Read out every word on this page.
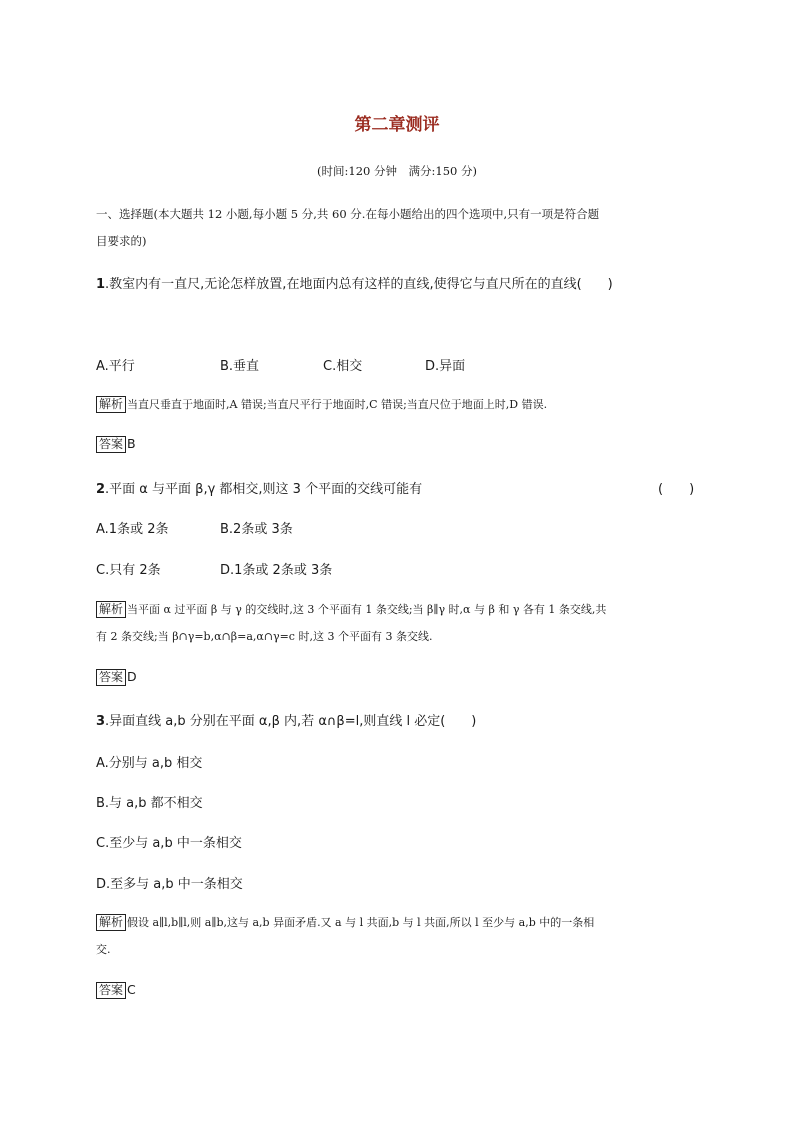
第二章测评
(时间:120 分钟　满分:150 分)
一、选择题(本大题共 12 小题,每小题 5 分,共 60 分.在每小题给出的四个选项中,只有一项是符合题
目要求的)
1.教室内有一直尺,无论怎样放置,在地面内总有这样的直线,使得它与直尺所在的直线(　　)
A.平行	B.垂直	C.相交	D.异面
解析 当直尺垂直于地面时,A 错误;当直尺平行于地面时,C 错误;当直尺位于地面上时,D 错误.
答案 B
2.平面 α 与平面 β,γ 都相交,则这 3 个平面的交线可能有	(　　)
A.1条或 2条	B.2条或 3条
C.只有 2条	D.1条或 2条或 3条
解析 当平面 α 过平面 β 与 γ 的交线时,这 3 个平面有 1 条交线;当 β∥γ 时,α 与 β 和 γ 各有 1 条交线,共
有 2 条交线;当 β∩γ=b,α∩β=a,α∩γ=c 时,这 3 个平面有 3 条交线.
答案 D
3.异面直线 a,b 分别在平面 α,β 内,若 α∩β=l,则直线 l 必定(　　)
A.分别与 a,b 相交
B.与 a,b 都不相交
C.至少与 a,b 中一条相交
D.至多与 a,b 中一条相交
解析 假设 a∥l,b∥l,则 a∥b,这与 a,b 异面矛盾.又 a 与 l 共面,b 与 l 共面,所以 l 至少与 a,b 中的一条相
交.
答案 C
